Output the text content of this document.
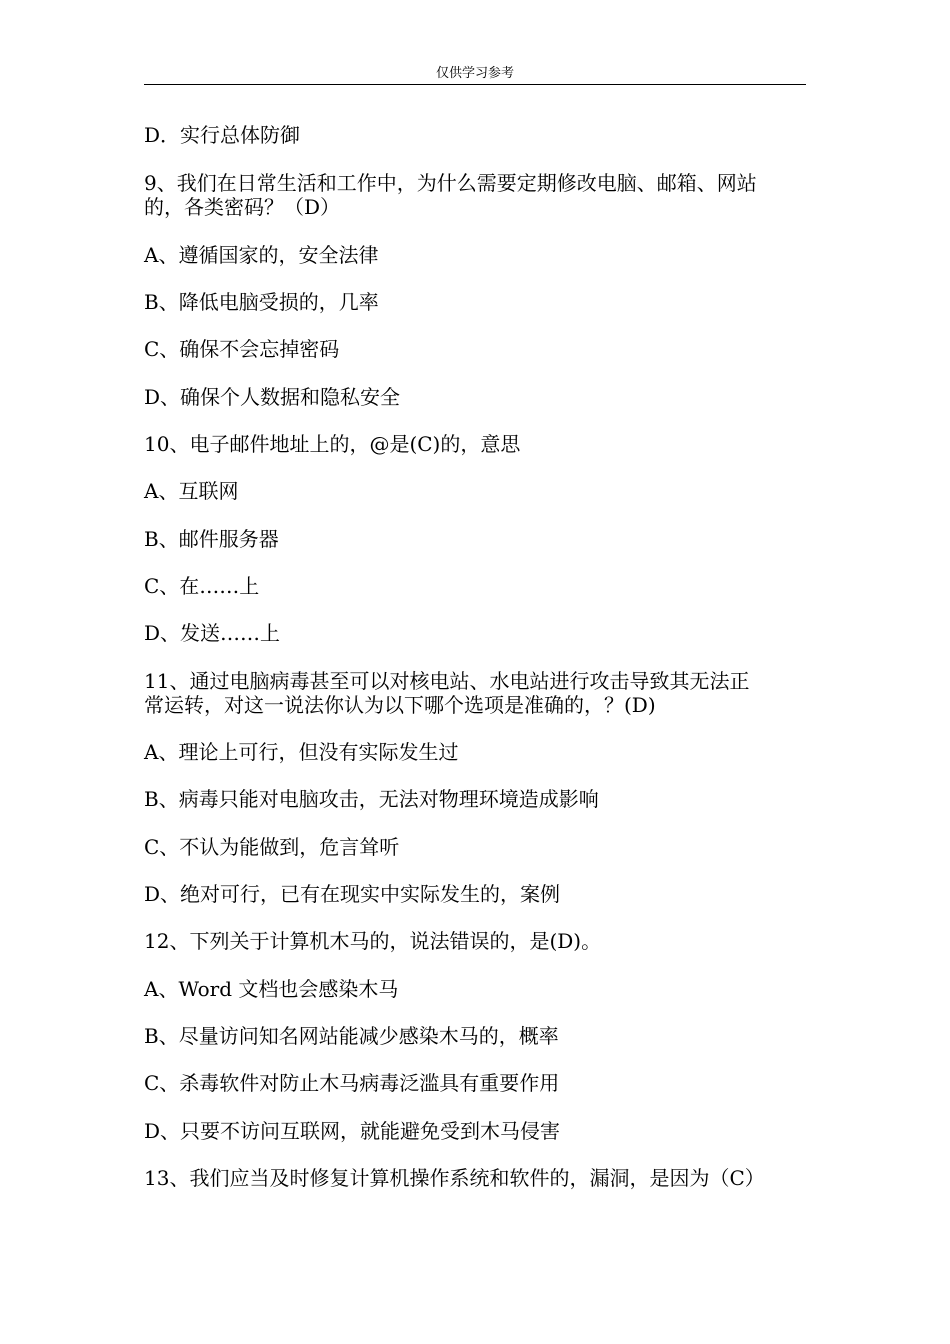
仅供学习参考
D．实行总体防御
9、我们在日常生活和工作中，为什么需要定期修改电脑、邮箱、网站
的，各类密码？（D）
A、遵循国家的，安全法律
B、降低电脑受损的，几率
C、确保不会忘掉密码
D、确保个人数据和隐私安全
10、电子邮件地址上的，@是(C)的，意思
A、互联网
B、邮件服务器
C、在……上
D、发送……上
11、通过电脑病毒甚至可以对核电站、水电站进行攻击导致其无法正
常运转，对这一说法你认为以下哪个选项是准确的，？(D)
A、理论上可行，但没有实际发生过
B、病毒只能对电脑攻击，无法对物理环境造成影响
C、不认为能做到，危言耸听
D、绝对可行，已有在现实中实际发生的，案例
12、下列关于计算机木马的，说法错误的，是(D)。
A、Word 文档也会感染木马
B、尽量访问知名网站能减少感染木马的，概率
C、杀毒软件对防止木马病毒泛滥具有重要作用
D、只要不访问互联网，就能避免受到木马侵害
13、我们应当及时修复计算机操作系统和软件的，漏洞，是因为（C）
